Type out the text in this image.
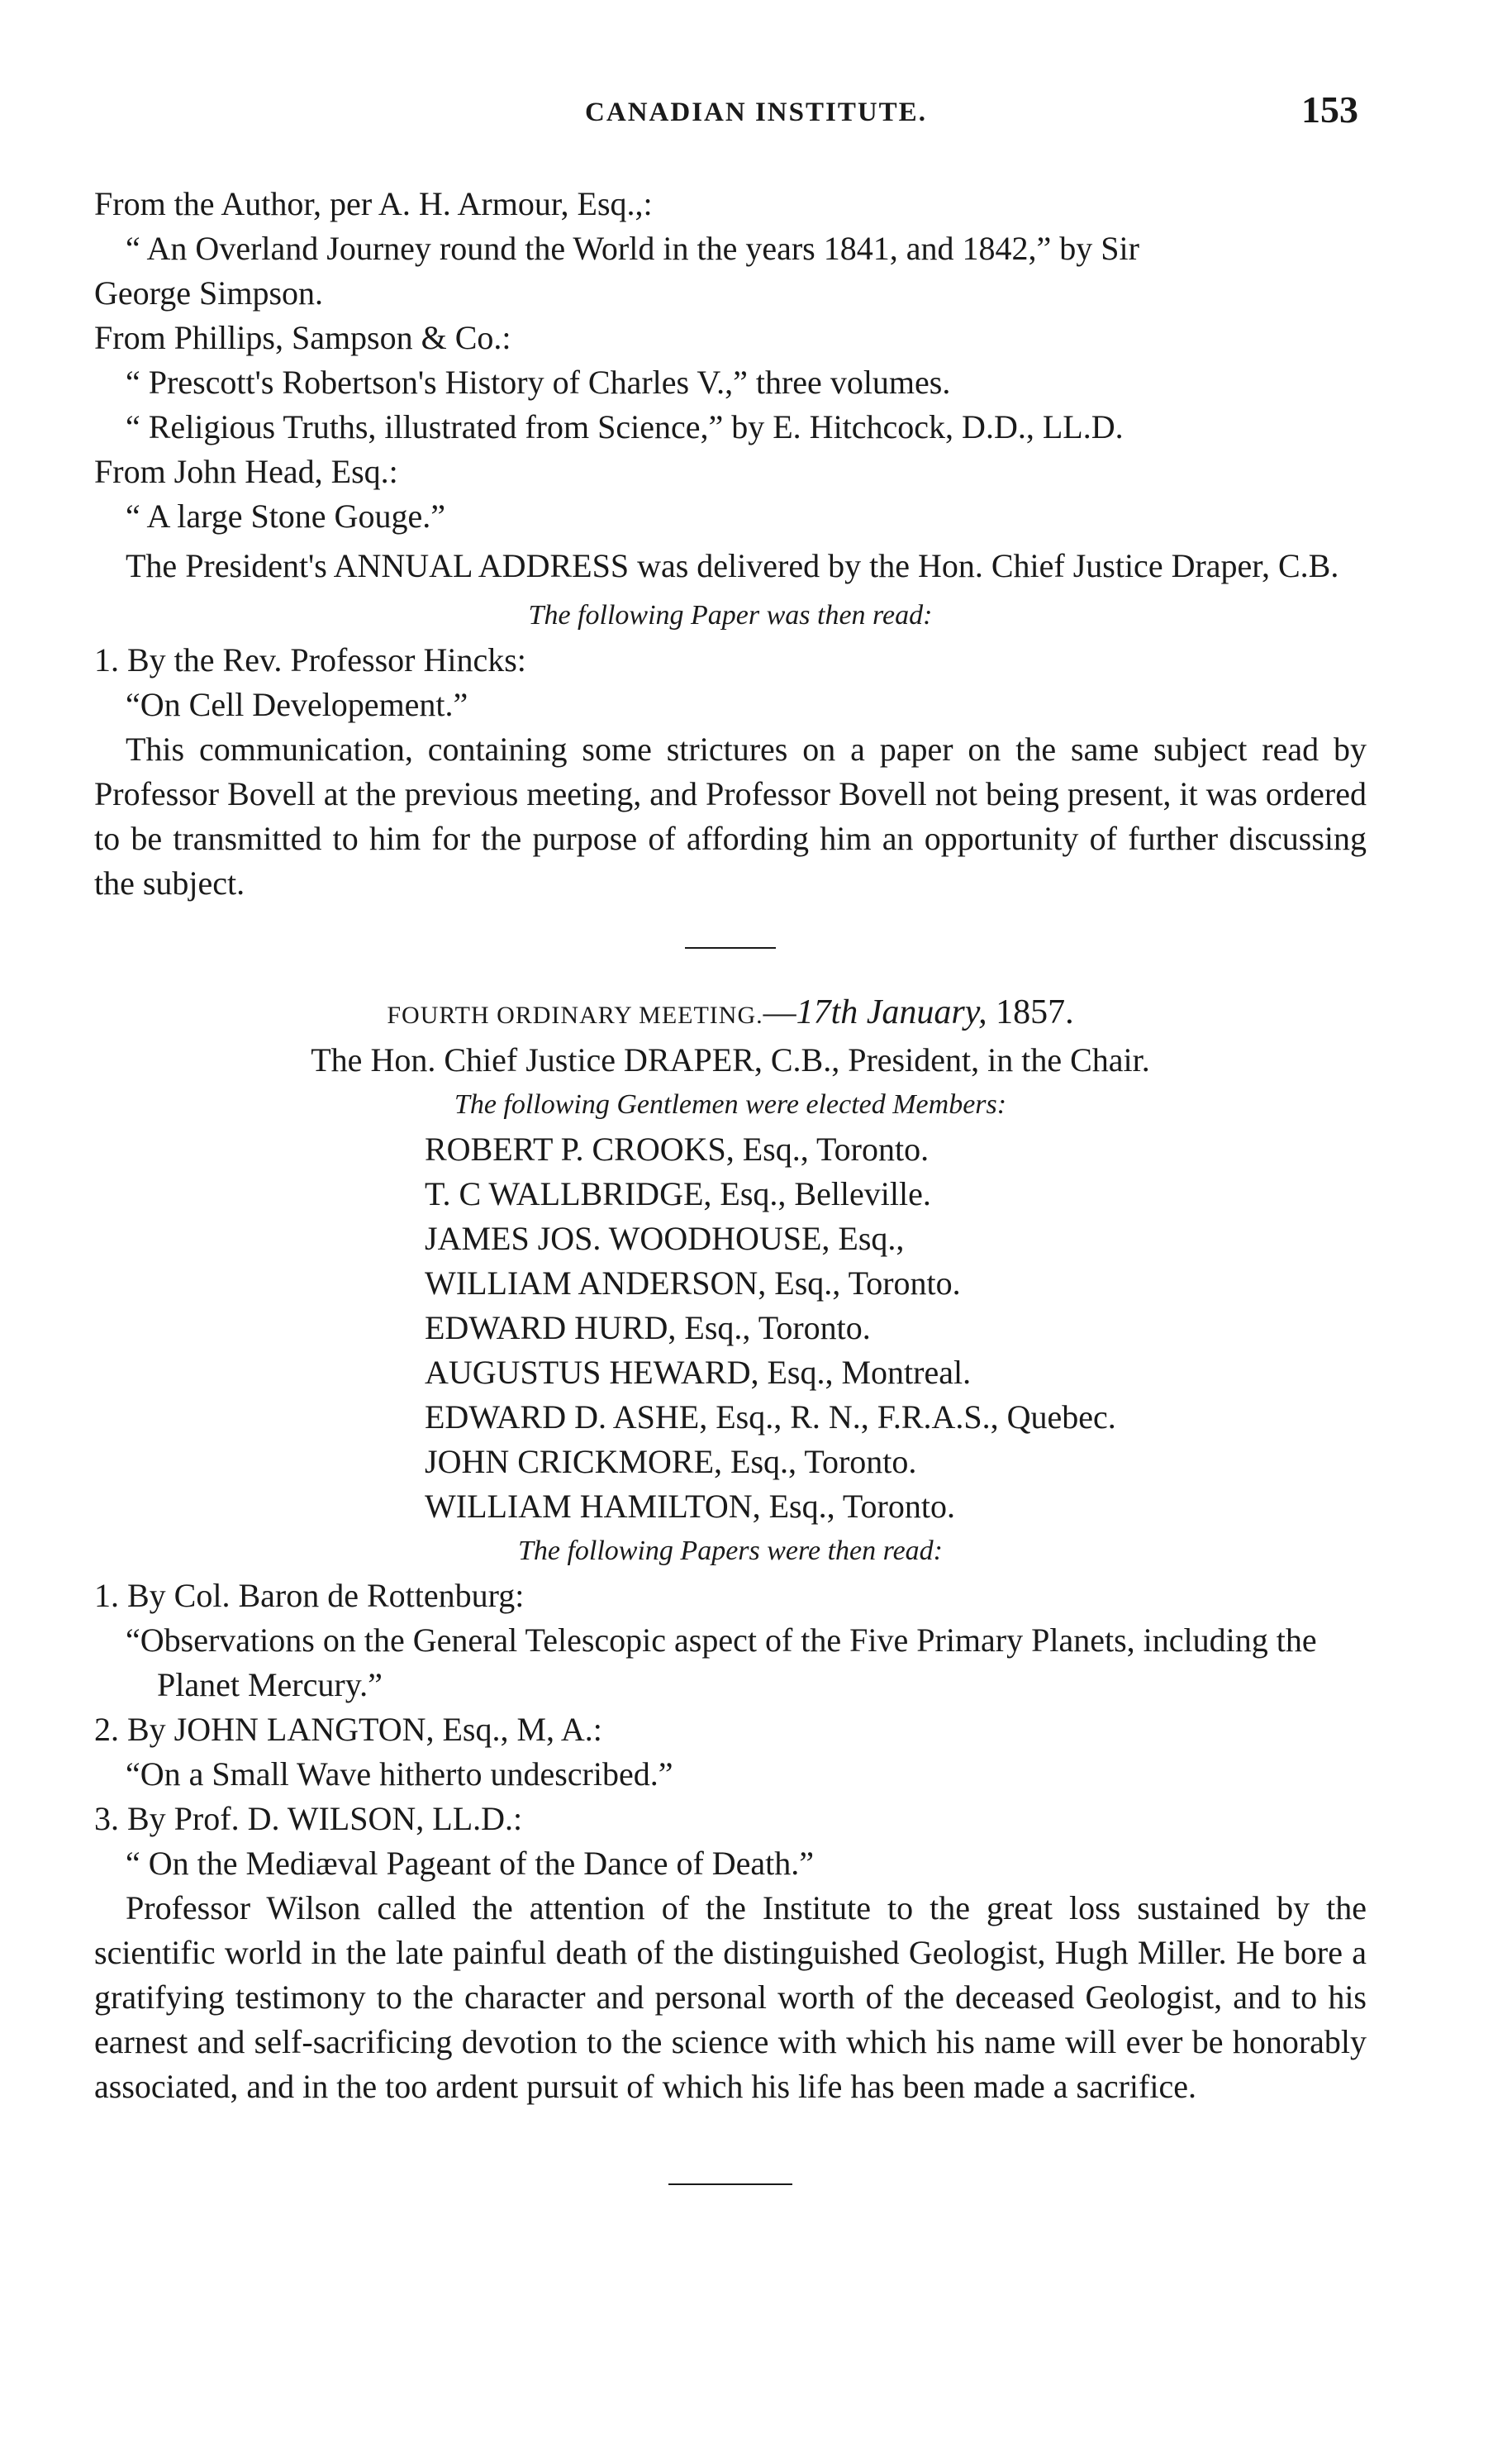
CANADIAN INSTITUTE.	153

From the Author, per A. H. Armour, Esq.,:

“ An Overland Journey round the World in the years 1841, and 1842,” by Sir

George Simpson.

From Phillips, Sampson & Co.:

“ Prescott's Robertson's History of Charles V.,” three volumes.

“ Religious Truths, illustrated from Science,” by E. Hitchcock, D.D., LL.D.

From John Head, Esq.:

“ A large Stone Gouge.”

The President's ANNUAL ADDRESS was delivered by the Hon. Chief Justice Draper, C.B.

The following Paper was then read:

1. By the Rev. Professor Hincks:

“On Cell Developement.”

This communication, containing some strictures on a paper on the same subject read by Professor Bovell at the previous meeting, and Professor Bovell not being present, it was ordered to be transmitted to him for the purpose of affording him an opportunity of further discussing the subject.

FOURTH ORDINARY MEETING.—17th January, 1857.

The Hon. Chief Justice DRAPER, C.B., President, in the Chair.

The following Gentlemen were elected Members:

ROBERT P. CROOKS, Esq., Toronto.

T. C WALLBRIDGE, Esq., Belleville.

JAMES JOS. WOODHOUSE, Esq.,

WILLIAM ANDERSON, Esq., Toronto.

EDWARD HURD, Esq., Toronto.

AUGUSTUS HEWARD, Esq., Montreal.

EDWARD D. ASHE, Esq., R. N., F.R.A.S., Quebec.

JOHN CRICKMORE, Esq., Toronto.

WILLIAM HAMILTON, Esq., Toronto.

The following Papers were then read:

1. By Col. Baron de Rottenburg:

“Observations on the General Telescopic aspect of the Five Primary Planets, including the Planet Mercury.”

2. By JOHN LANGTON, Esq., M, A.:

“On a Small Wave hitherto undescribed.”

3. By Prof. D. WILSON, LL.D.:

“ On the Mediæval Pageant of the Dance of Death.”

Professor Wilson called the attention of the Institute to the great loss sustained by the scientific world in the late painful death of the distinguished Geologist, Hugh Miller. He bore a gratifying testimony to the character and personal worth of the deceased Geologist, and to his earnest and self-sacrificing devotion to the science with which his name will ever be honorably associated, and in the too ardent pursuit of which his life has been made a sacrifice.
